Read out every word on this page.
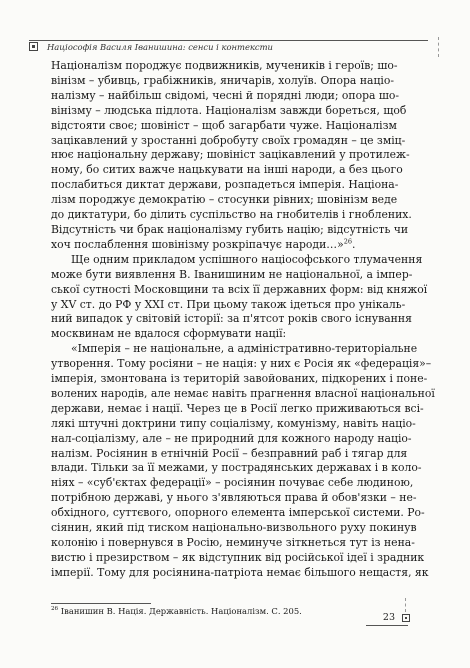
Націософія Василя Іванишина: сенси і контексти
Націоналізм породжує подвижників, мучеників і героїв; шо-
вінізм – убивць, грабіжників, яничарів, холуїв. Опора націо-
налізму – найбільш свідомі, чесні й порядні люди; опора шо-
вінізму – людська підлота. Націоналізм завжди бореться, щоб
відстояти своє; шовініст – щоб загарбати чуже. Націоналізм
зацікавлений у зростанні добробуту своїх громадян – це зміц-
нює національну державу; шовініст зацікавлений у протилеж-
ному, бо ситих важче нацькувати на інші народи, а без цього
послабиться диктат держави, розпадеться імперія. Націона-
лізм породжує демократію – стосунки рівних; шовінізм веде
до диктатури, бо ділить суспільство на гнобителів і гноблених.
Відсутність чи брак націоналізму губить націю; відсутність чи
хоч послаблення шовінізму розкріпачує народи…»$^{26}$.
Ще одним прикладом успішного націософського тлумачення
може бути виявлення В. Іванишиним не національної, а імпер-
ської сутності Московщини та всіх її державних форм: від княжої
у XV ст. до РФ у XXI ст. При цьому також ідеться про унікаль-
ний випадок у світовій історії: за п'ятсот років свого існування
москвинам не вдалося сформувати нації:
«Імперія – не національне, а адміністративно-територіальне
утворення. Тому росіяни – не нація: у них є Росія як «федерація»–
імперія, змонтована із територій завойованих, підкорених і поне-
волених народів, але немає навіть прагнення власної національної
держави, немає і нації. Через це в Росії легко приживаються всі-
лякі штучні доктрини типу соціалізму, комунізму, навіть націо-
нал-соціалізму, але – не природний для кожного народу націо-
налізм. Росіянин в етнічній Росії – безправний раб і тягар для
влади. Тільки за її межами, у пострадянських державах і в коло-
ніях – «суб'єктах федерації» – росіянин почуває себе людиною,
потрібною державі, у нього з'являються права й обов'язки – не-
обхідного, суттєвого, опорного елемента імперської системи. Ро-
сіянин, який під тиском національно-визвольного руху покинув
колонію і повернувся в Росію, неминуче зіткнеться тут із нена-
вистю і презирством – як відступник від російської ідеї і зрадник
імперії. Тому для росіянина-патріота немає більшого нещастя, як
$^{26}$ Іванишин В. Нація. Державність. Націоналізм. С. 205.
23
